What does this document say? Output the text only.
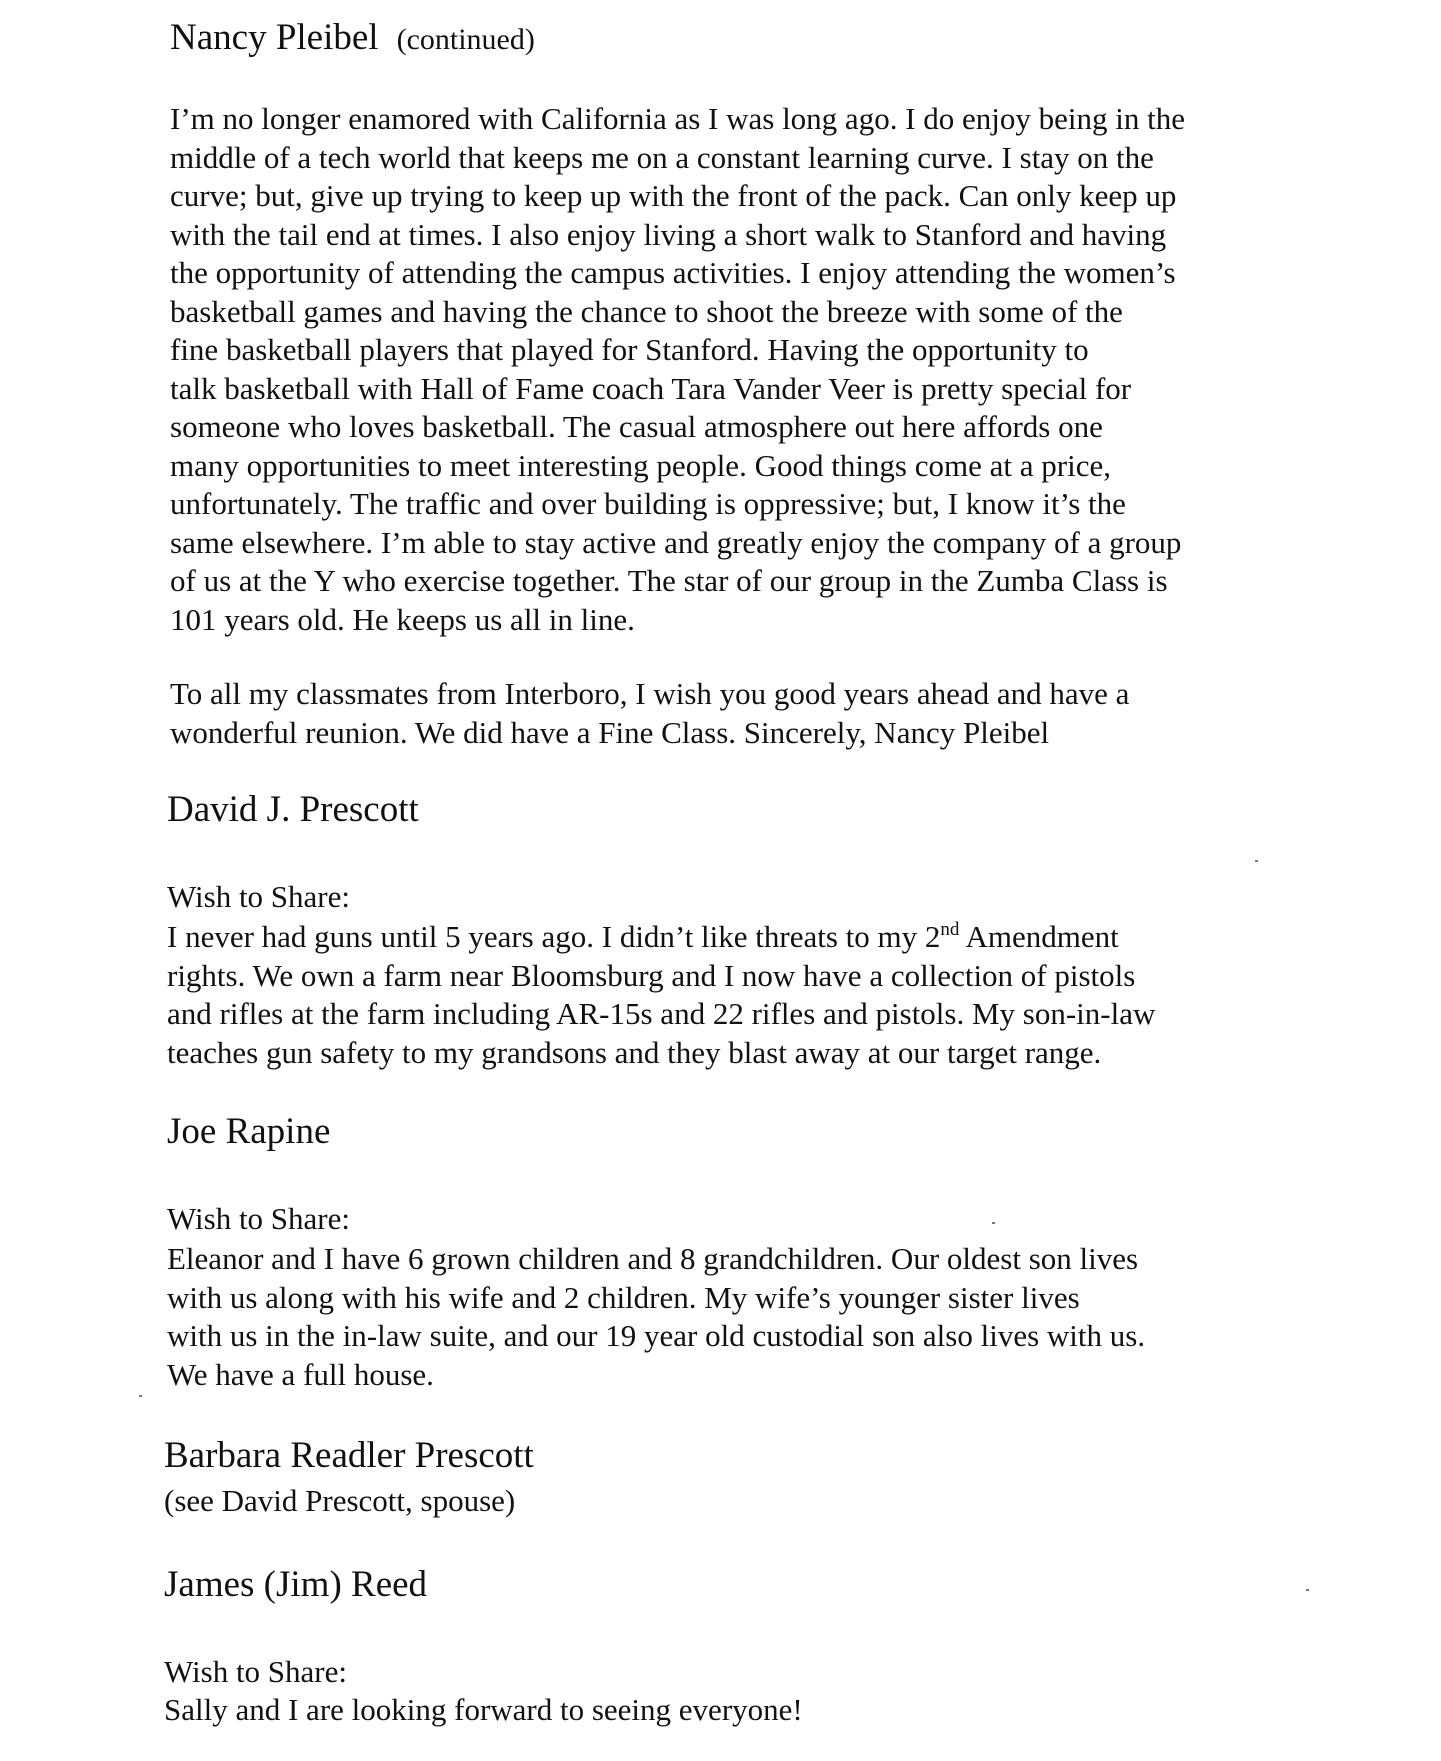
Nancy Pleibel (continued)
I’m no longer enamored with California as I was long ago. I do enjoy being in the
middle of a tech world that keeps me on a constant learning curve. I stay on the
curve; but, give up trying to keep up with the front of the pack. Can only keep up
with the tail end at times. I also enjoy living a short walk to Stanford and having
the opportunity of attending the campus activities. I enjoy attending the women’s
basketball games and having the chance to shoot the breeze with some of the
fine basketball players that played for Stanford. Having the opportunity to
talk basketball with Hall of Fame coach Tara Vander Veer is pretty special for
someone who loves basketball. The casual atmosphere out here affords one
many opportunities to meet interesting people. Good things come at a price,
unfortunately. The traffic and over building is oppressive; but, I know it’s the
same elsewhere. I’m able to stay active and greatly enjoy the company of a group
of us at the Y who exercise together. The star of our group in the Zumba Class is
101 years old. He keeps us all in line.
To all my classmates from Interboro, I wish you good years ahead and have a
wonderful reunion. We did have a Fine Class. Sincerely, Nancy Pleibel
David J. Prescott
Wish to Share:
I never had guns until 5 years ago. I didn’t like threats to my 2nd Amendment
rights. We own a farm near Bloomsburg and I now have a collection of pistols
and rifles at the farm including AR-15s and 22 rifles and pistols. My son-in-law
teaches gun safety to my grandsons and they blast away at our target range.
Joe Rapine
Wish to Share:
Eleanor and I have 6 grown children and 8 grandchildren. Our oldest son lives
with us along with his wife and 2 children. My wife’s younger sister lives
with us in the in-law suite, and our 19 year old custodial son also lives with us.
We have a full house.
Barbara Readler Prescott
(see David Prescott, spouse)
James (Jim) Reed
Wish to Share:
Sally and I are looking forward to seeing everyone!
